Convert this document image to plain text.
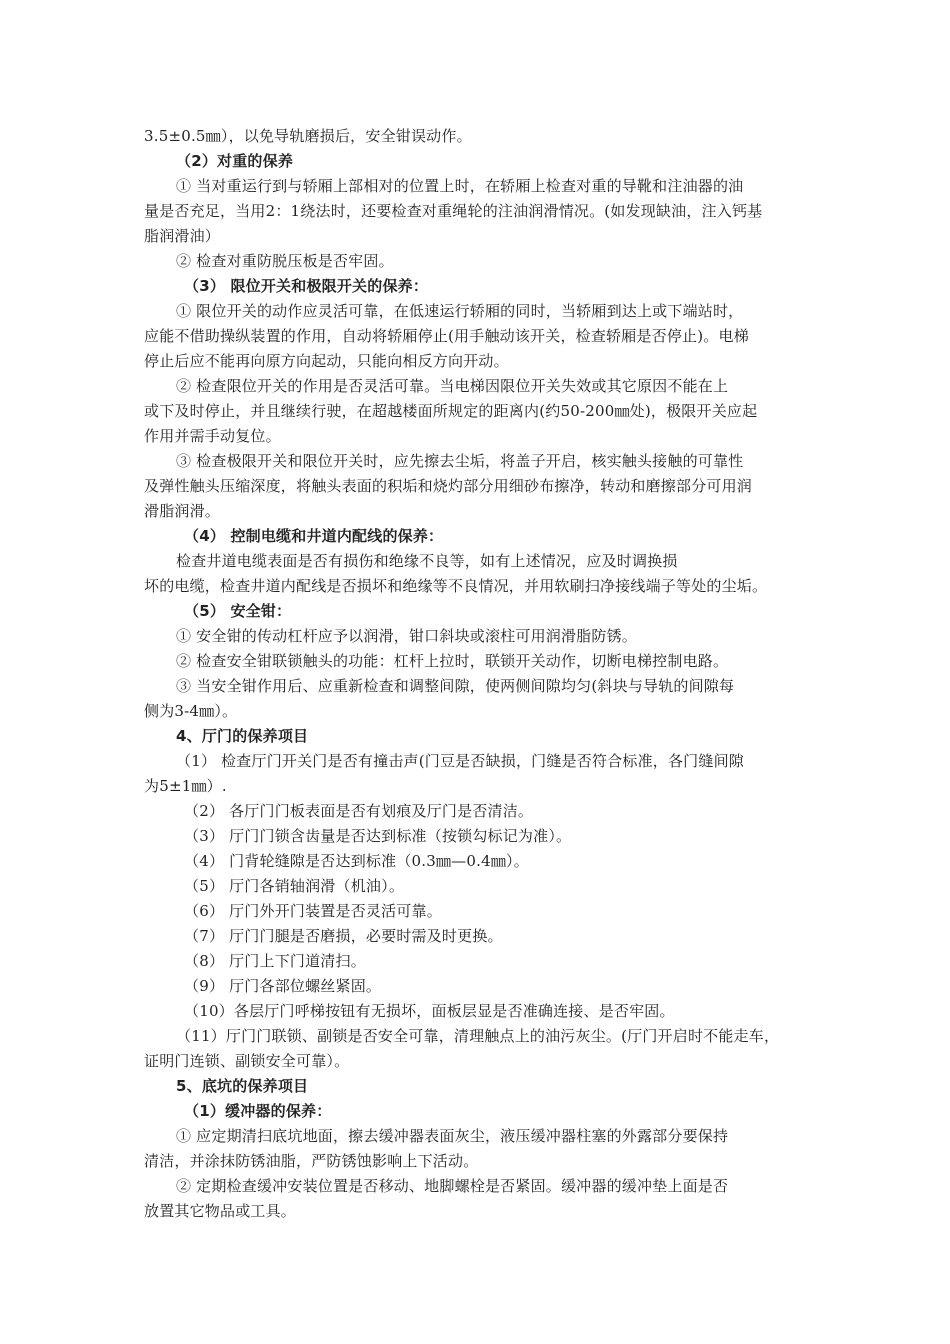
3.5±0.5㎜），以免导轨磨损后，安全钳误动作。
（2）对重的保养
① 当对重运行到与轿厢上部相对的位置上时，在轿厢上检查对重的导靴和注油器的油
量是否充足，当用2：1绕法时，还要检查对重绳轮的注油润滑情况。(如发现缺油，注入钙基
脂润滑油）
② 检查对重防脱压板是否牢固。
（3） 限位开关和极限开关的保养：
① 限位开关的动作应灵活可靠，在低速运行轿厢的同时，当轿厢到达上或下端站时，
应能不借助操纵装置的作用，自动将轿厢停止(用手触动该开关，检查轿厢是否停止)。电梯
停止后应不能再向原方向起动，只能向相反方向开动。
② 检查限位开关的作用是否灵活可靠。当电梯因限位开关失效或其它原因不能在上
或下及时停止，并且继续行驶，在超越楼面所规定的距离内(约50-200㎜处)，极限开关应起
作用并需手动复位。
③ 检查极限开关和限位开关时，应先擦去尘垢，将盖子开启，核实触头接触的可靠性
及弹性触头压缩深度，将触头表面的积垢和烧灼部分用细砂布擦净，转动和磨擦部分可用润
滑脂润滑。
（4） 控制电缆和井道内配线的保养：
检查井道电缆表面是否有损伤和绝缘不良等，如有上述情况，应及时调换损
坏的电缆，检查井道内配线是否损坏和绝缘等不良情况，并用软刷扫净接线端子等处的尘垢。
（5） 安全钳：
① 安全钳的传动杠杆应予以润滑，钳口斜块或滚柱可用润滑脂防锈。
② 检查安全钳联锁触头的功能：杠杆上拉时，联锁开关动作，切断电梯控制电路。
③ 当安全钳作用后、应重新检查和调整间隙，使两侧间隙均匀(斜块与导轨的间隙每
侧为3-4㎜）。
4、厅门的保养项目
（1） 检查厅门开关门是否有撞击声(门豆是否缺损，门缝是否符合标准，各门缝间隙
为5±1㎜）.
（2） 各厅门门板表面是否有划痕及厅门是否清洁。
（3） 厅门门锁含齿量是否达到标准（按锁勾标记为准）。
（4） 门背轮缝隙是否达到标准（0.3㎜—0.4㎜）。
（5） 厅门各销轴润滑（机油）。
（6） 厅门外开门装置是否灵活可靠。
（7） 厅门门腿是否磨损，必要时需及时更换。
（8） 厅门上下门道清扫。
（9） 厅门各部位螺丝紧固。
（10）各层厅门呼梯按钮有无损坏，面板层显是否准确连接、是否牢固。
（11）厅门门联锁、副锁是否安全可靠，清理触点上的油污灰尘。(厅门开启时不能走车，
证明门连锁、副锁安全可靠）。
5、底坑的保养项目
（1）缓冲器的保养：
① 应定期清扫底坑地面，擦去缓冲器表面灰尘，液压缓冲器柱塞的外露部分要保持
清洁，并涂抹防锈油脂，严防锈蚀影响上下活动。
② 定期检查缓冲安装位置是否移动、地脚螺栓是否紧固。缓冲器的缓冲垫上面是否
放置其它物品或工具。
